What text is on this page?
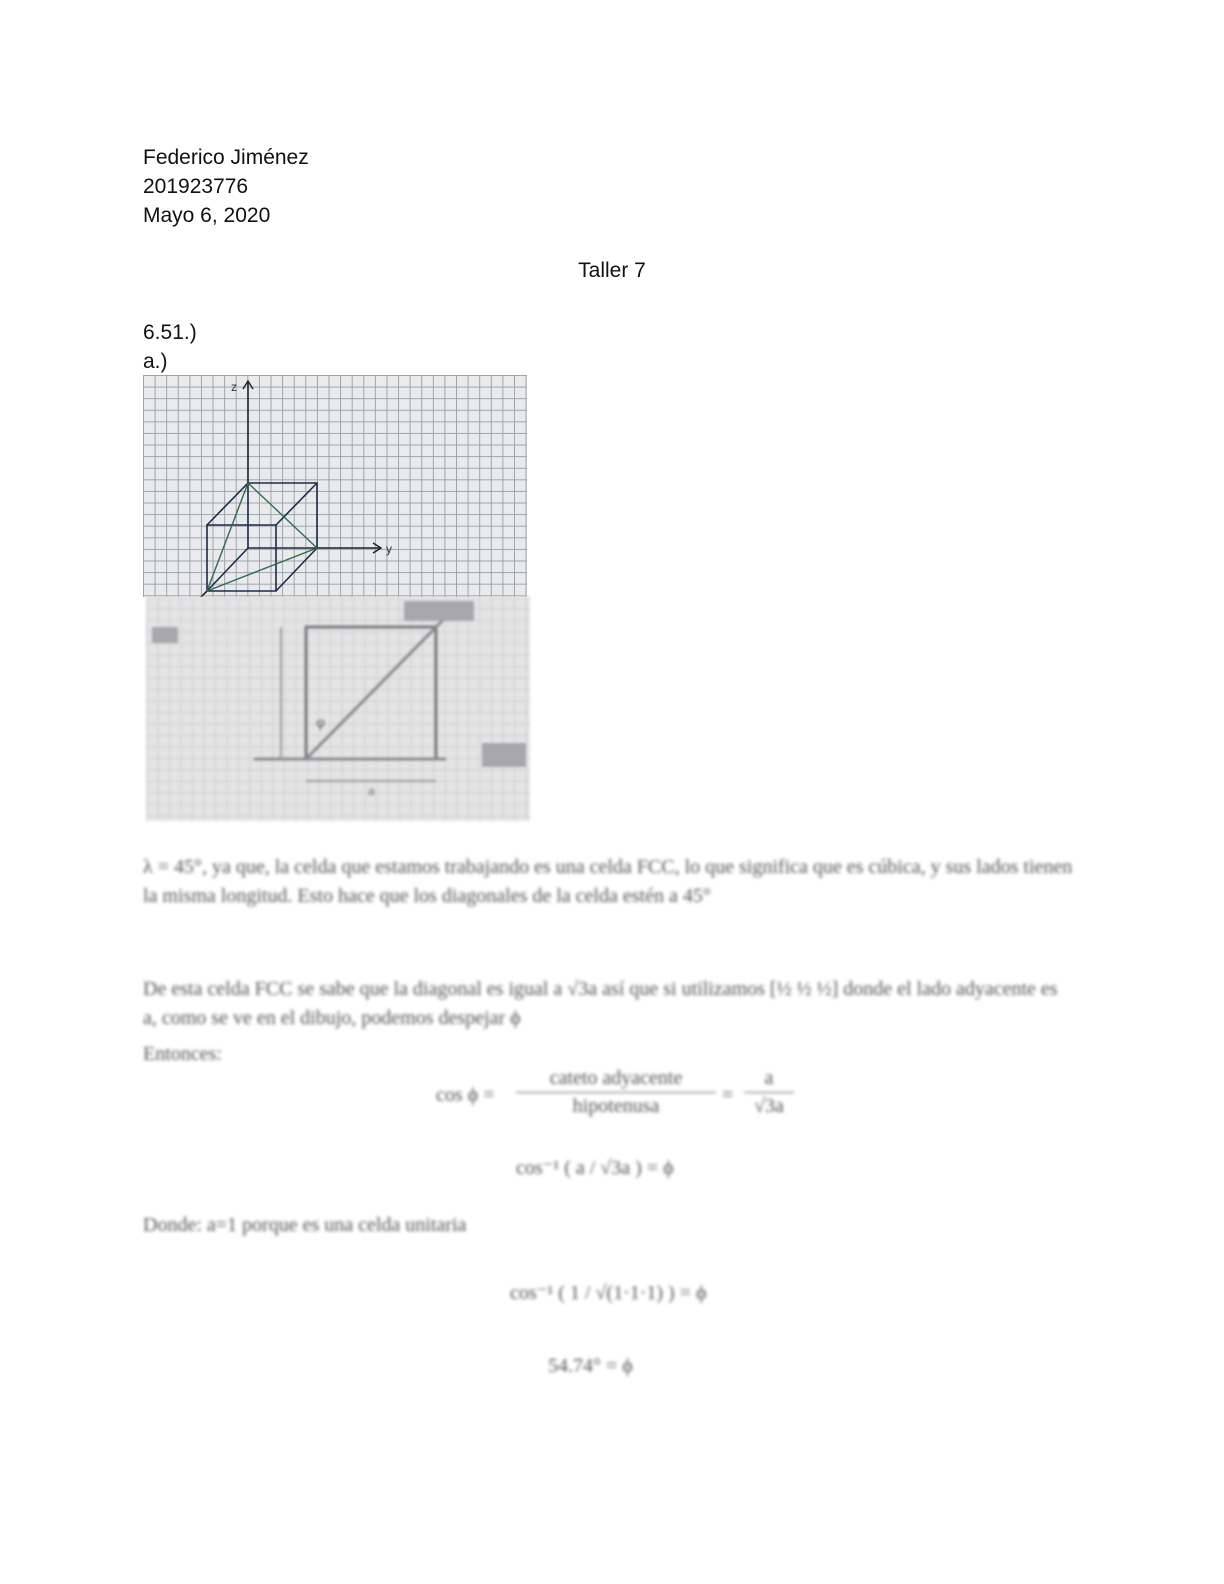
Federico Jiménez
201923776
Mayo 6, 2020
Taller 7
6.51.)
a.)
z
y
φ
a
λ = 45°, ya que, la celda que estamos trabajando es una celda FCC, lo que significa que es cúbica, y sus lados tienen la misma longitud. Esto hace que los diagonales de la celda estén a 45°
De esta celda FCC se sabe que la diagonal es igual a √3a así que si utilizamos [½ ½ ½] donde el lado adyacente es a, como se ve en el dibujo, podemos despejar ϕ
Entonces:
cos ϕ =
cateto adyacente
hipotenusa	= $\frac{a}{√3a}$
cos⁻¹ ( a / √3a ) = ϕ
Donde: a=1 porque es una celda unitaria
cos⁻¹ ( 1 / √(1·1·1) ) = ϕ
54.74° = ϕ
